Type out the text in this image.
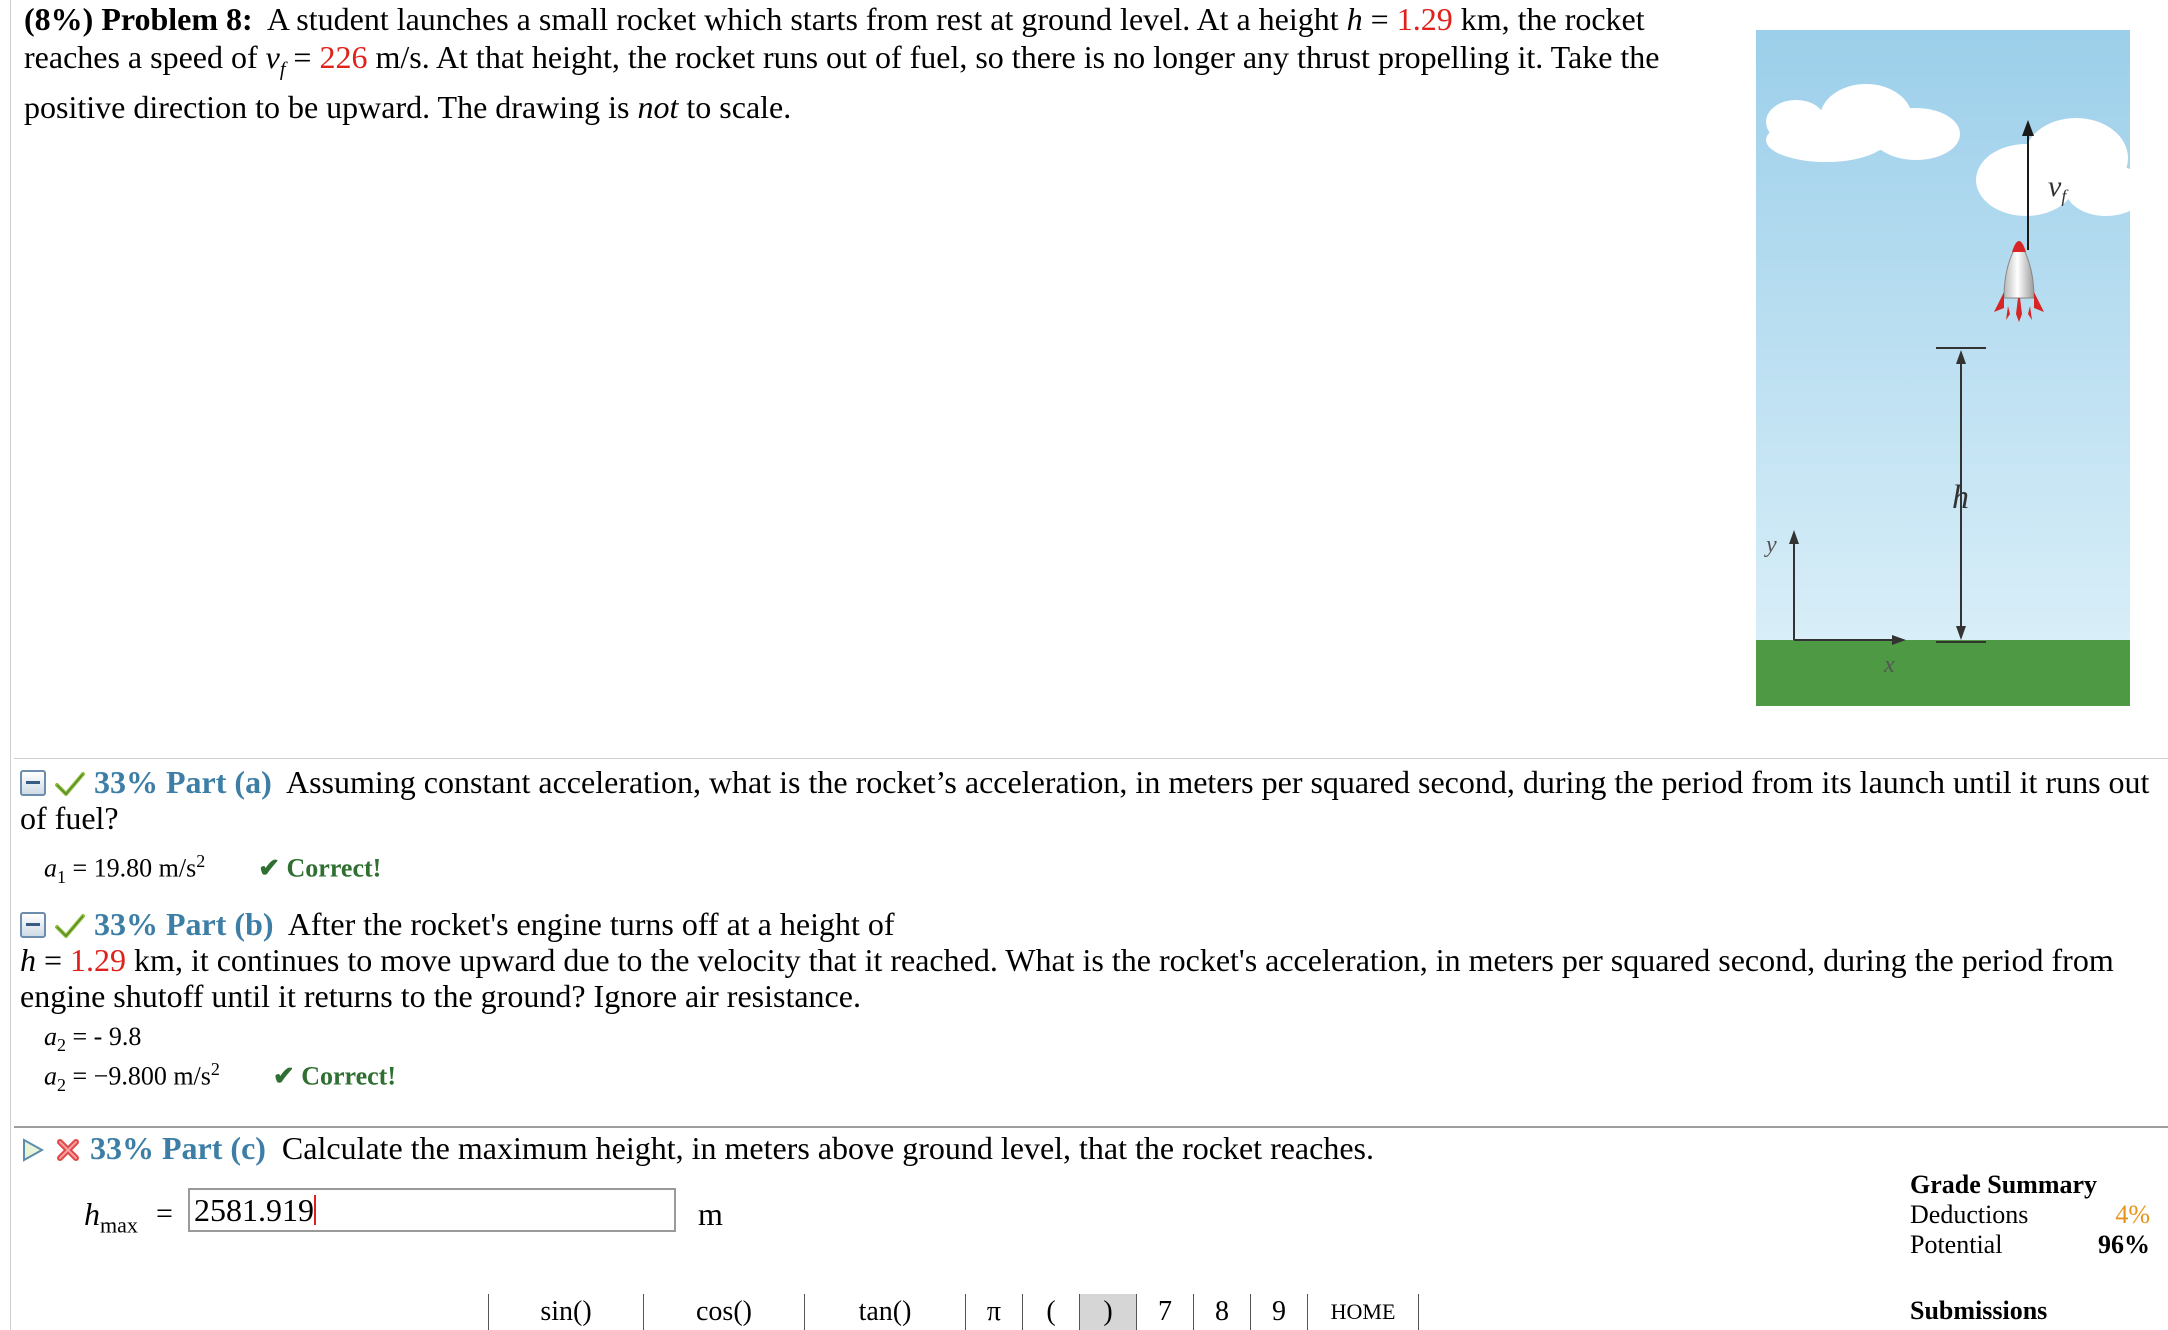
(8%) Problem 8: A student launches a small rocket which starts from rest at ground level. At a height h = 1.29 km, the rocket
reaches a speed of $v_f = 226$ m/s. At that height, the rocket runs out of fuel, so there is no longer any thrust propelling it. Take the
positive direction to be upward. The drawing is not to scale.
$v_f$
h
y
x
33% Part (a) Assuming constant acceleration, what is the rocket’s acceleration, in meters per squared second, during the period from its launch until it runs out
of fuel?
$a_1 = 19.80$ $m/s^2$ ✔ Correct!
33% Part (b) After the rocket's engine turns off at a height of
h = 1.29 km, it continues to move upward due to the velocity that it reached. What is the rocket's acceleration, in meters per squared second, during the period from
engine shutoff until it returns to the ground? Ignore air resistance.
$a_2$ = - 9.8
$a_2 = -9.800$ $m/s^2$ ✔ Correct!
33% Part (c) Calculate the maximum height, in meters above ground level, that the rocket reaches.
$h_{max} = 2581.919$	m
sin()	cos()	tan()	π	(	)	7	8	9	HOME
Grade Summary
Deductions	4%
Potential	96%
Submissions
